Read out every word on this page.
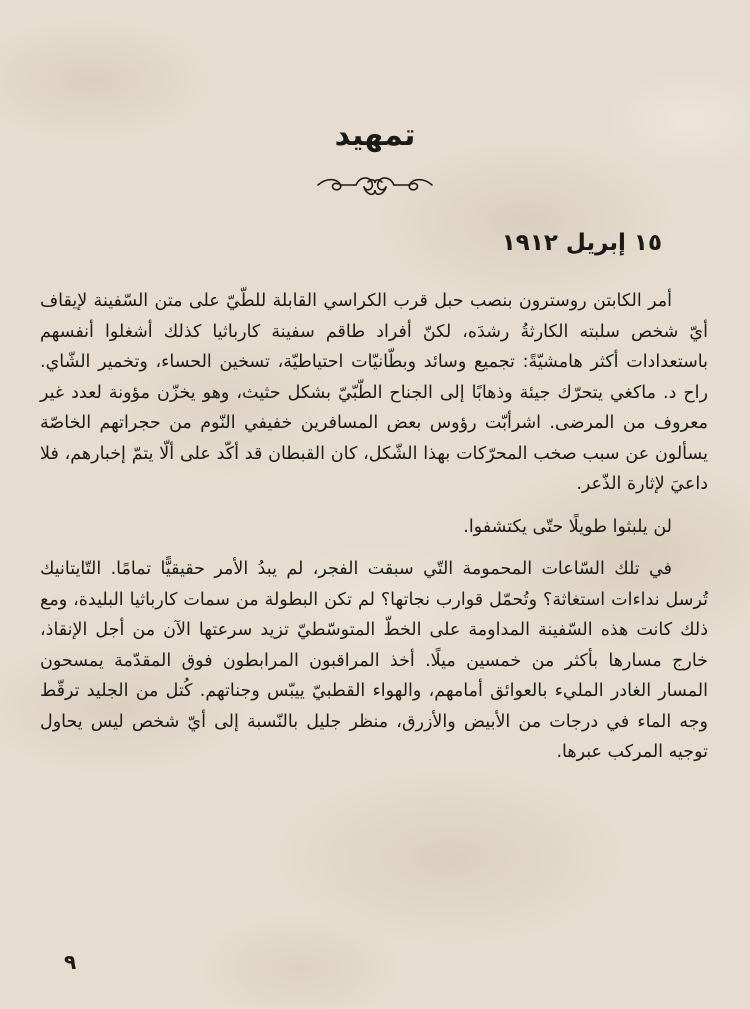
تمهيد
١٥ إبريل ١٩١٢

أمر الكابتن روسترون بنصب حبل قرب الكراسي القابلة للطّيّ على متن السّفينة لإيقاف أيّ شخص سلبته الكارثةُ رشدَه، لكنّ أفراد طاقم سفينة كارباثيا كذلك أشغلوا أنفسهم باستعدادات أكثر هامشيّةً: تجميع وسائد وبطّانيّات احتياطيّة، تسخين الحساء، وتخمير الشّاي. راح د. ماكغي يتحرّك جيئة وذهابًا إلى الجناح الطّبّيّ بشكل حثيث، وهو يخزّن مؤونة لعدد غير معروف من المرضى. اشرأبّت رؤوس بعض المسافرين خفيفي النّوم من حجراتهم الخاصّة يسألون عن سبب صخب المحرّكات بهذا الشّكل، كان القبطان قد أكّد على ألّا يتمّ إخبارهم، فلا داعيَ لإثارة الذّعر.

لن يلبثوا طويلًا حتّى يكتشفوا.

في تلك السّاعات المحمومة التّي سبقت الفجر، لم يبدُ الأمر حقيقيًّا تمامًا. التّايتانيك تُرسل نداءات استغاثة؟ وتُحمّل قوارب نجاتها؟ لم تكن البطولة من سمات كارباثيا البليدة، ومع ذلك كانت هذه السّفينة المداومة على الخطّ المتوسّطيّ تزيد سرعتها الآن من أجل الإنقاذ، خارج مسارها بأكثر من خمسين ميلًا. أخذ المراقبون المرابطون فوق المقدّمة يمسحون المسار الغادر المليء بالعوائق أمامهم، والهواء القطبيّ ييبّس وجناتهم. كُتل من الجليد ترقّط وجه الماء في درجات من الأبيض والأزرق، منظر جليل بالنّسبة إلى أيّ شخص ليس يحاول توجيه المركب عبرها.

٩
